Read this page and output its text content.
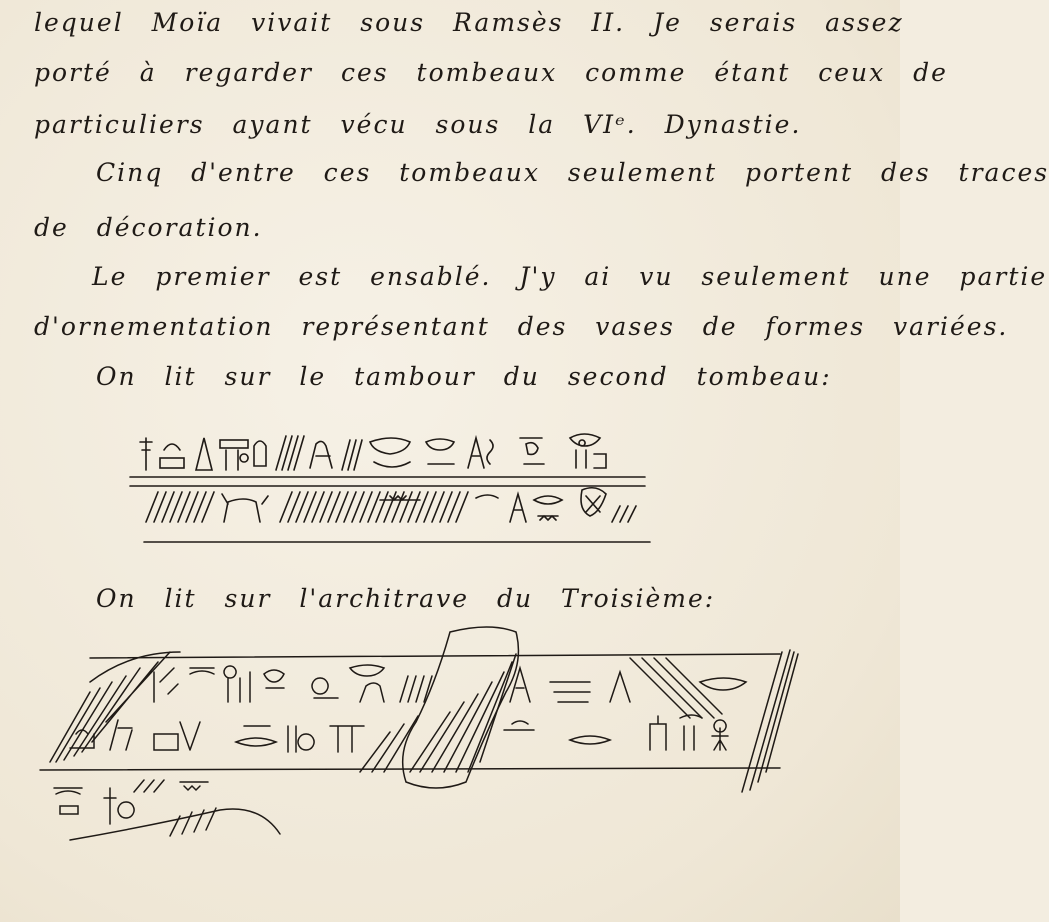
lequel Moïa vivait sous Ramsès II. Je serais assez
porté à regarder ces tombeaux comme étant ceux de
particuliers ayant vécu sous la VIᵉ. Dynastie.
Cinq d'entre ces tombeaux seulement portent des traces
de décoration.
Le premier est ensablé. J'y ai vu seulement une partie
d'ornementation représentant des vases de formes variées.
On lit sur le tambour du second tombeau:
On lit sur l'architrave du Troisième:
